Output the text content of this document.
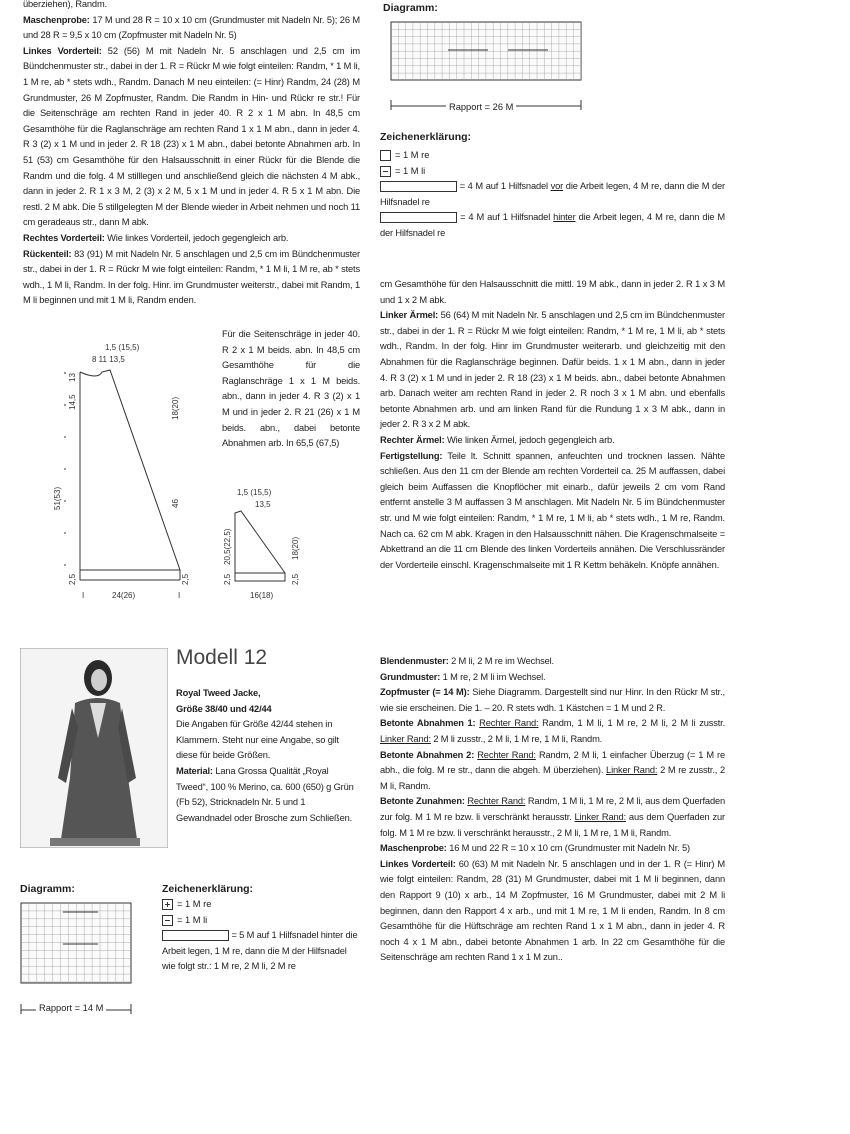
überziehen), Randm.

Maschenprobe: 17 M und 28 R = 10 x 10 cm (Grundmuster mit Nadeln Nr. 5); 26 M und 28 R = 9,5 x 10 cm (Zopfmuster mit Nadeln Nr. 5)

Linkes Vorderteil: 52 (56) M mit Nadeln Nr. 5 anschlagen und 2,5 cm im Bündchenmuster str., dabei in der 1. R = Rückr M wie folgt einteilen: Randm, * 1 M li, 1 M re, ab * stets wdh., Randm. Danach M neu einteilen: (= Hinr) Randm, 24 (28) M Grundmuster, 26 M Zopfmuster, Randm. Die Randm in Hin- und Rückr re str.! Für die Seitenschräge am rechten Rand in jeder 40. R 2 x 1 M abn. In 48,5 cm Gesamthöhe für die Raglanschräge am rechten Rand 1 x 1 M abn., dann in jeder 4. R 3 (2) x 1 M und in jeder 2. R 18 (23) x 1 M abn., dabei betonte Abnahmen arb. In 51 (53) cm Gesamthöhe für den Halsausschnitt in einer Rückr für die Blende die Randm und die folg. 4 M stilllegen und anschließend gleich die nächsten 4 M abk., dann in jeder 2. R 1 x 3 M, 2 (3) x 2 M, 5 x 1 M und in jeder 4. R 5 x 1 M abn. Die restl. 2 M abk. Die 5 stillgelegten M der Blende wieder in Arbeit nehmen und noch 11 cm geradeaus str., dann M abk.

Rechtes Vorderteil: Wie linkes Vorderteil, jedoch gegengleich arb.

Rückenteil: 83 (91) M mit Nadeln Nr. 5 anschlagen und 2,5 cm im Bündchenmuster str., dabei in der 1. R = Rückr M wie folgt einteilen: Randm, * 1 M li, 1 M re, ab * stets wdh., 1 M li, Randm. In der folg. Hinr. im Grundmuster weiterstr., dabei mit Randm, 1 M li beginnen und mit 1 M li, Randm enden.

Für die Seitenschräge in jeder 40. R 2 x 1 M beids. abn. In 48,5 cm Gesamthöhe für die Raglanschräge 1 x 1 M beids. abn., dann in jeder 4. R 3 (2) x 1 M und in jeder 2. R 21 (26) x 1 M beids. abn., dabei betonte Abnahmen arb. In 65,5 (67,5)

1,5 (15,5)
8 11 13,5
14,5
13
51(53)
18(20)
46
2,5	2,5
24(26)
I	I
1,5 (15,5)
13,5
20,5(22,5)	18(20)
2,5	2,5
16(18)
Diagramm:
Rapport = 26 M
Zeichenerklärung:
= 1 M re
= 1 M li

= 4 M auf 1 Hilfsnadel vor die Arbeit legen, 4 M re, dann die M der Hilfsnadel re

= 4 M auf 1 Hilfsnadel hinter die Arbeit legen, 4 M re, dann die M der Hilfsnadel re

cm Gesamthöhe für den Halsausschnitt die mittl. 19 M abk., dann in jeder 2. R 1 x 3 M und 1 x 2 M abk.

Linker Ärmel: 56 (64) M mit Nadeln Nr. 5 anschlagen und 2,5 cm im Bündchenmuster str., dabei in der 1. R = Rückr M wie folgt einteilen: Randm, * 1 M re, 1 M li, ab * stets wdh., Randm. In der folg. Hinr im Grundmuster weiterarb. und gleichzeitig mit den Abnahmen für die Raglanschräge beginnen. Dafür beids. 1 x 1 M abn., dann in jeder 4. R 3 (2) x 1 M und in jeder 2. R 18 (23) x 1 M beids. abn., dabei betonte Abnahmen arb. Danach weiter am rechten Rand in jeder 2. R noch 3 x 1 M abn. und ebenfalls betonte Abnahmen arb. und am linken Rand für die Rundung 1 x 3 M abk., dann in jeder 2. R 3 x 2 M abk.

Rechter Ärmel: Wie linken Ärmel, jedoch gegengleich arb.

Fertigstellung: Teile lt. Schnitt spannen, anfeuchten und trocknen lassen. Nähte schließen. Aus den 11 cm der Blende am rechten Vorderteil ca. 25 M auffassen, dabei gleich beim Auffassen die Knopflöcher mit einarb., dafür jeweils 2 cm vom Rand entfernt anstelle 3 M auffassen 3 M anschlagen. Mit Nadeln Nr. 5 im Bündchenmuster str. und M wie folgt einteilen: Randm, * 1 M re, 1 M li, ab * stets wdh., 1 M re, Randm. Nach ca. 62 cm M abk. Kragen in den Halsausschnitt nähen. Die Kragenschmalseite = Abkettrand an die 11 cm Blende des linken Vorderteils annähen. Die Verschlussränder der Vorderteile einschl. Kragenschmalseite mit 1 R Kettm behäkeln. Knöpfe annähen.

Modell 12

Royal Tweed Jacke,

Größe 38/40 und 42/44

Die Angaben für Größe 42/44 stehen in Klammern. Steht nur eine Angabe, so gilt diese für beide Größen.

Material: Lana Grossa Qualität „Royal Tweed“, 100 % Merino, ca. 600 (650) g Grün (Fb 52), Stricknadeln Nr. 5 und 1 Gewandnadel oder Brosche zum Schließen.

Diagramm:
Rapport = 14 M
Zeichenerklärung:
= 1 M re
= 1 M li

= 5 M auf 1 Hilfsnadel hinter die Arbeit legen, 1 M re, dann die M der Hilfsnadel wie folgt str.: 1 M re, 2 M li, 2 M re

Blendenmuster: 2 M li, 2 M re im Wechsel.

Grundmuster: 1 M re, 2 M li im Wechsel.

Zopfmuster (= 14 M): Siehe Diagramm. Dargestellt sind nur Hinr. In den Rückr M str., wie sie erscheinen. Die 1. – 20. R stets wdh. 1 Kästchen = 1 M und 2 R.

Betonte Abnahmen 1: Rechter Rand: Randm, 1 M li, 1 M re, 2 M li, 2 M li zusstr. Linker Rand: 2 M li zusstr., 2 M li, 1 M re, 1 M li, Randm.

Betonte Abnahmen 2: Rechter Rand: Randm, 2 M li, 1 einfacher Überzug (= 1 M re abh., die folg. M re str., dann die abgeh. M überziehen). Linker Rand: 2 M re zusstr., 2 M li, Randm.

Betonte Zunahmen: Rechter Rand: Randm, 1 M li, 1 M re, 2 M li, aus dem Querfaden zur folg. M 1 M re bzw. li verschränkt herausstr. Linker Rand: aus dem Querfaden zur folg. M 1 M re bzw. li verschränkt herausstr., 2 M li, 1 M re, 1 M li, Randm.

Maschenprobe: 16 M und 22 R = 10 x 10 cm (Grundmuster mit Nadeln Nr. 5)

Linkes Vorderteil: 60 (63) M mit Nadeln Nr. 5 anschlagen und in der 1. R (= Hinr) M wie folgt einteilen: Randm, 28 (31) M Grundmuster, dabei mit 1 M li beginnen, dann den Rapport 9 (10) x arb., 14 M Zopfmuster, 16 M Grundmuster, dabei mit 2 M li beginnen, dann den Rapport 4 x arb., und mit 1 M re, 1 M li enden, Randm. In 8 cm Gesamthöhe für die Hüftschräge am rechten Rand 1 x 1 M abn., dann in jeder 4. R noch 4 x 1 M abn., dabei betonte Abnahmen 1 arb. In 22 cm Gesamthöhe für die Seitenschräge am rechten Rand 1 x 1 M zun..
